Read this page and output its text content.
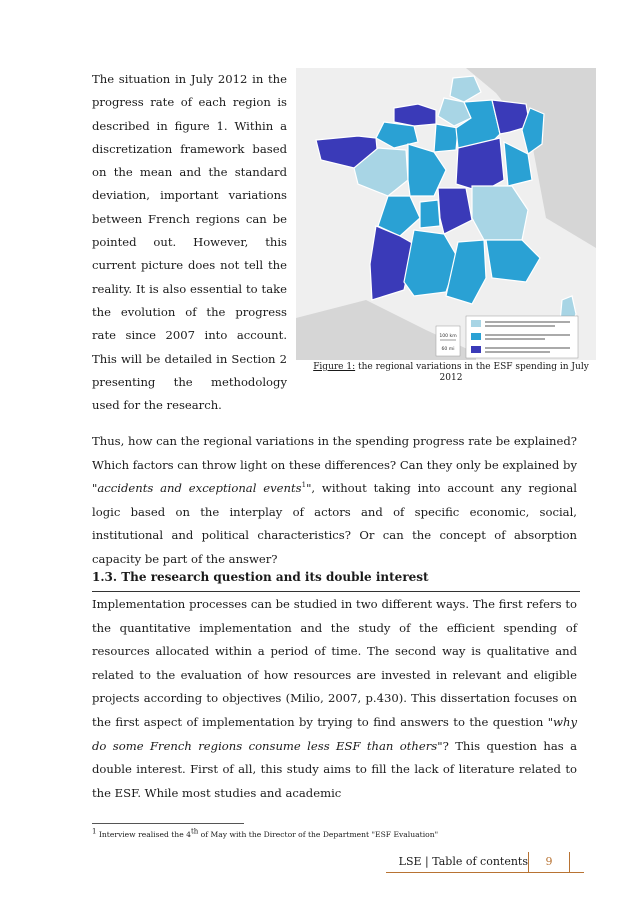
The situation in July 2012 in the progress rate of each region is described in figure 1. Within a discretization framework based on the mean and the standard deviation, important variations between French regions can be pointed out. However, this current picture does not tell the reality. It is also essential to take the evolution of the progress rate since 2007 into account. This will be detailed in Section 2 presenting the methodology used for the research.
100 km
60 mi
Figure 1: the regional variations in the ESF spending in July 2012
Thus, how can the regional variations in the spending progress rate be explained? Which factors can throw light on these differences? Can they only be explained by "accidents and exceptional events$^1$", without taking into account any regional logic based on the interplay of actors and of specific economic, social, institutional and political characteristics? Or can the concept of absorption capacity be part of the answer?
1.3. The research question and its double interest
Implementation processes can be studied in two different ways. The first refers to the quantitative implementation and the study of the efficient spending of resources allocated within a period of time. The second way is qualitative and related to the evaluation of how resources are invested in relevant and eligible projects according to objectives (Milio, 2007, p.430). This dissertation focuses on the first aspect of implementation by trying to find answers to the question "why do some French regions consume less ESF than others"? This question has a double interest. First of all, this study aims to fill the lack of literature related to the ESF. While most studies and academic
$^1$ Interview realised the 4th of May with the Director of the Department "ESF Evaluation"
LSE | Table of contents	9
